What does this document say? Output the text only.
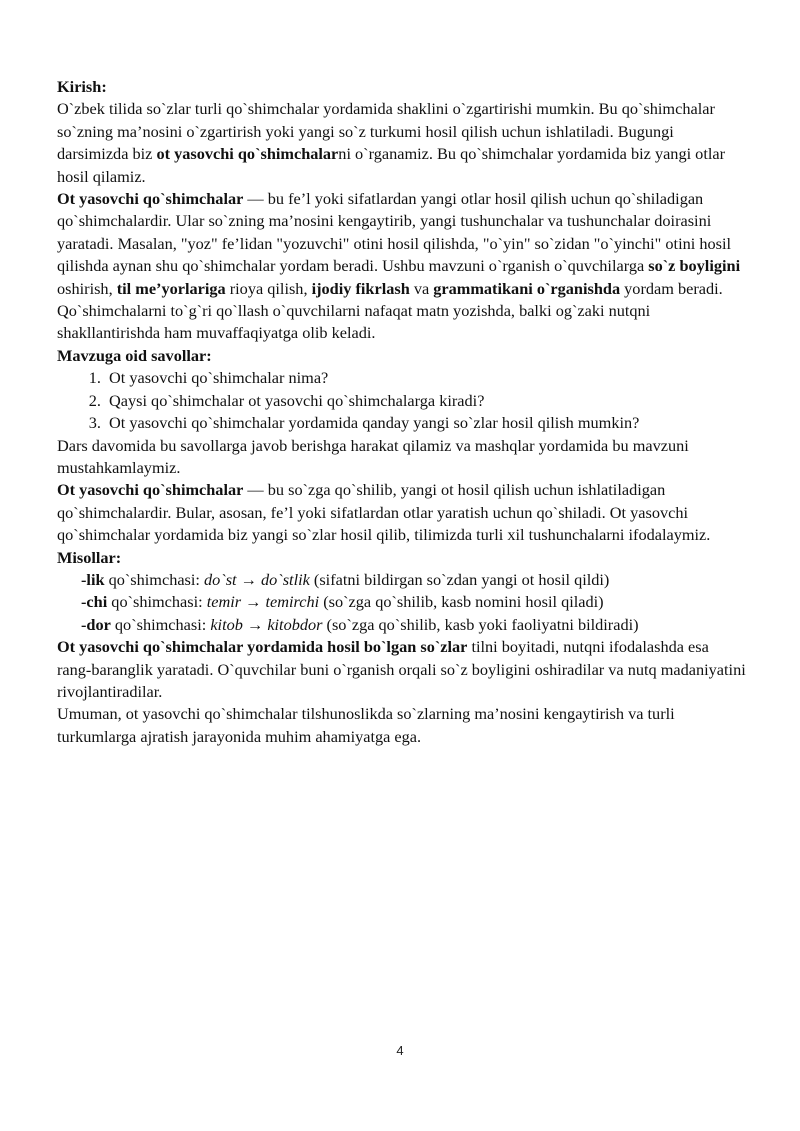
Kirish:

O`zbek tilida so`zlar turli qo`shimchalar yordamida shaklini o`zgartirishi mumkin. Bu qo`shimchalar so`zning ma’nosini o`zgartirish yoki yangi so`z turkumi hosil qilish uchun ishlatiladi. Bugungi darsimizda biz ot yasovchi qo`shimchalarni o`rganamiz. Bu qo`shimchalar yordamida biz yangi otlar hosil qilamiz.

Ot yasovchi qo`shimchalar — bu fe’l yoki sifatlardan yangi otlar hosil qilish uchun qo`shiladigan qo`shimchalardir. Ular so`zning ma’nosini kengaytirib, yangi tushunchalar va tushunchalar doirasini yaratadi. Masalan, "yoz" fe’lidan "yozuvchi" otini hosil qilishda, "o`yin" so`zidan "o`yinchi" otini hosil qilishda aynan shu qo`shimchalar yordam beradi. Ushbu mavzuni o`rganish o`quvchilarga so`z boyligini oshirish, til me’yorlariga rioya qilish, ijodiy fikrlash va grammatikani o`rganishda yordam beradi. Qo`shimchalarni to`g`ri qo`llash o`quvchilarni nafaqat matn yozishda, balki og`zaki nutqni shakllantirishda ham muvaffaqiyatga olib keladi.

Mavzuga oid savollar:

1. Ot yasovchi qo`shimchalar nima?
2. Qaysi qo`shimchalar ot yasovchi qo`shimchalarga kiradi?
3. Ot yasovchi qo`shimchalar yordamida qanday yangi so`zlar hosil qilish mumkin?

Dars davomida bu savollarga javob berishga harakat qilamiz va mashqlar yordamida bu mavzuni mustahkamlaymiz.

Ot yasovchi qo`shimchalar — bu so`zga qo`shilib, yangi ot hosil qilish uchun ishlatiladigan qo`shimchalardir. Bular, asosan, fe’l yoki sifatlardan otlar yaratish uchun qo`shiladi. Ot yasovchi qo`shimchalar yordamida biz yangi so`zlar hosil qilib, tilimizda turli xil tushunchalarni ifodalaymiz.

Misollar:

-lik qo`shimchasi: do`st → do`stlik (sifatni bildirgan so`zdan yangi ot hosil qildi)

-chi qo`shimchasi: temir → temirchi (so`zga qo`shilib, kasb nomini hosil qiladi)

-dor qo`shimchasi: kitob → kitobdor (so`zga qo`shilib, kasb yoki faoliyatni bildiradi)

Ot yasovchi qo`shimchalar yordamida hosil bo`lgan so`zlar tilni boyitadi, nutqni ifodalashda esa rang-baranglik yaratadi. O`quvchilar buni o`rganish orqali so`z boyligini oshiradilar va nutq madaniyatini rivojlantiradilar.

Umuman, ot yasovchi qo`shimchalar tilshunoslikda so`zlarning ma’nosini kengaytirish va turli turkumlarga ajratish jarayonida muhim ahamiyatga ega.

4
